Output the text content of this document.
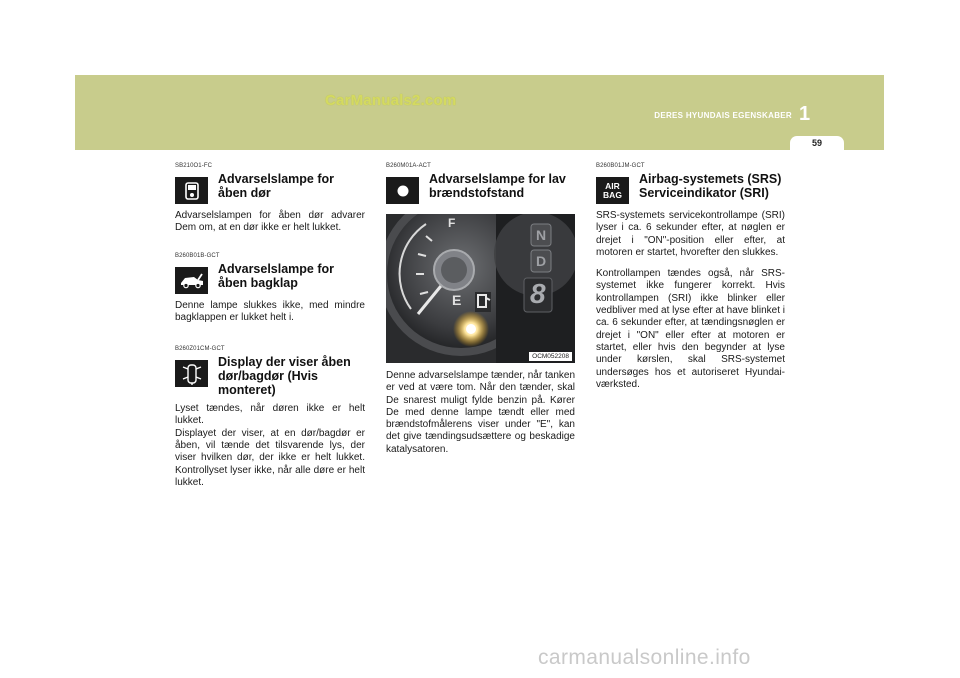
CarManuals2.com
DERES HYUNDAIS EGENSKABER 1
59
SB210O1-FC
Advarselslampe for åben dør

Advarselslampen for åben dør advarer Dem om, at en dør ikke er helt lukket.

B260B01B-GCT
Advarselslampe for åben bagklap

Denne lampe slukkes ikke, med mindre bagklappen er lukket helt i.

B260Z01CM-GCT
Display der viser åben dør/bagdør (Hvis monteret)

Lyset tændes, når døren ikke er helt lukket.

Displayet der viser, at en dør/bagdør er åben, vil tænde det tilsvarende lys, der viser hvilken dør, der ikke er helt lukket. Kontrollyset lyser ikke, når alle døre er helt lukket.

B260M01A-ACT
Advarselslampe for lav brændstofstand
F
E
N
D
8
OCM052208

Denne advarselslampe tænder, når tanken er ved at være tom. Når den tænder, skal De snarest muligt fylde benzin på. Kører De med denne lampe tændt eller med brændstofmålerens viser under "E", kan det give tændingsudsættere og beskadige katalysatoren.

B260B01JM-GCT
AIR
BAG
Airbag-systemets (SRS) Serviceindikator (SRI)

SRS-systemets servicekontrollampe (SRI) lyser i ca. 6 sekunder efter, at nøglen er drejet i "ON"-position eller efter, at motoren er startet, hvorefter den slukkes.

Kontrollampen tændes også, når SRS-systemet ikke fungerer korrekt. Hvis kontrollampen (SRI) ikke blinker eller vedbliver med at lyse efter at have blinket i ca. 6 sekunder efter, at tændingsnøglen er drejet i "ON" eller efter at motoren er startet, eller hvis den begynder at lyse under kørslen, skal SRS-systemet undersøges hos et autoriseret Hyundai-værksted.

carmanualsonline.info
